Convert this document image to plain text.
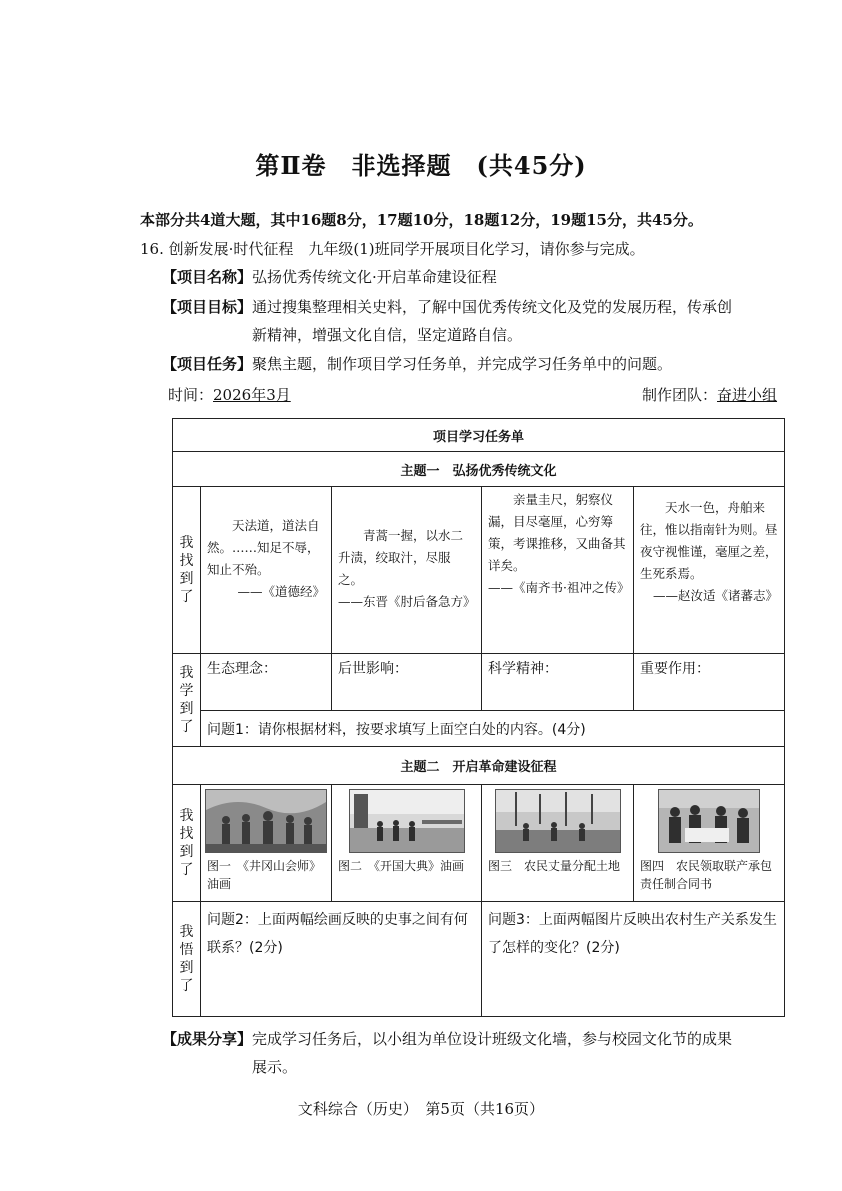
第Ⅱ卷　非选择题　(共45分)
本部分共4道大题，其中16题8分，17题10分，18题12分，19题15分，共45分。
16. 创新发展·时代征程　九年级(1)班同学开展项目化学习，请你参与完成。
【项目名称】弘扬优秀传统文化·开启革命建设征程
【项目目标】通过搜集整理相关史料，了解中国优秀传统文化及党的发展历程，传承创
新精神，增强文化自信，坚定道路自信。
【项目任务】聚焦主题，制作项目学习任务单，并完成学习任务单中的问题。
时间：2026年3月	制作团队：奋进小组
项目学习任务单				
主题一　弘扬优秀传统文化				

我
找
到
了	　　天法道，道法自然。……知足不辱，知止不殆。
——《道德经》	　　青蒿一握，以水二升渍，绞取汁，尽服之。
——东晋《肘后备急方》	　　亲量圭尺，躬察仪漏，目尽毫厘，心穷筹策，考课推移，又曲备其详矣。
——《南齐书·祖冲之传》	　　天水一色，舟舶来往，惟以指南针为则。昼夜守视惟谨，毫厘之差，生死系焉。
——赵汝适《诸蕃志》

我
学
到
了	生态理念：	后世影响：	科学精神：	重要作用：
	问题1：请你根据材料，按要求填写上面空白处的内容。(4分)			
主题二　开启革命建设征程				

我
找
到
了	图一　《井冈山会师》油画	图二　《开国大典》油画	图三　农民丈量分配土地	图四　农民领取联产承包责任制合同书

我
悟
到
了	问题2：上面两幅绘画反映的史事之间有何联系？(2分)		问题3：上面两幅图片反映出农村生产关系发生了怎样的变化？(2分)	
【成果分享】完成学习任务后，以小组为单位设计班级文化墙，参与校园文化节的成果
展示。
文科综合（历史）　第5页（共16页）
